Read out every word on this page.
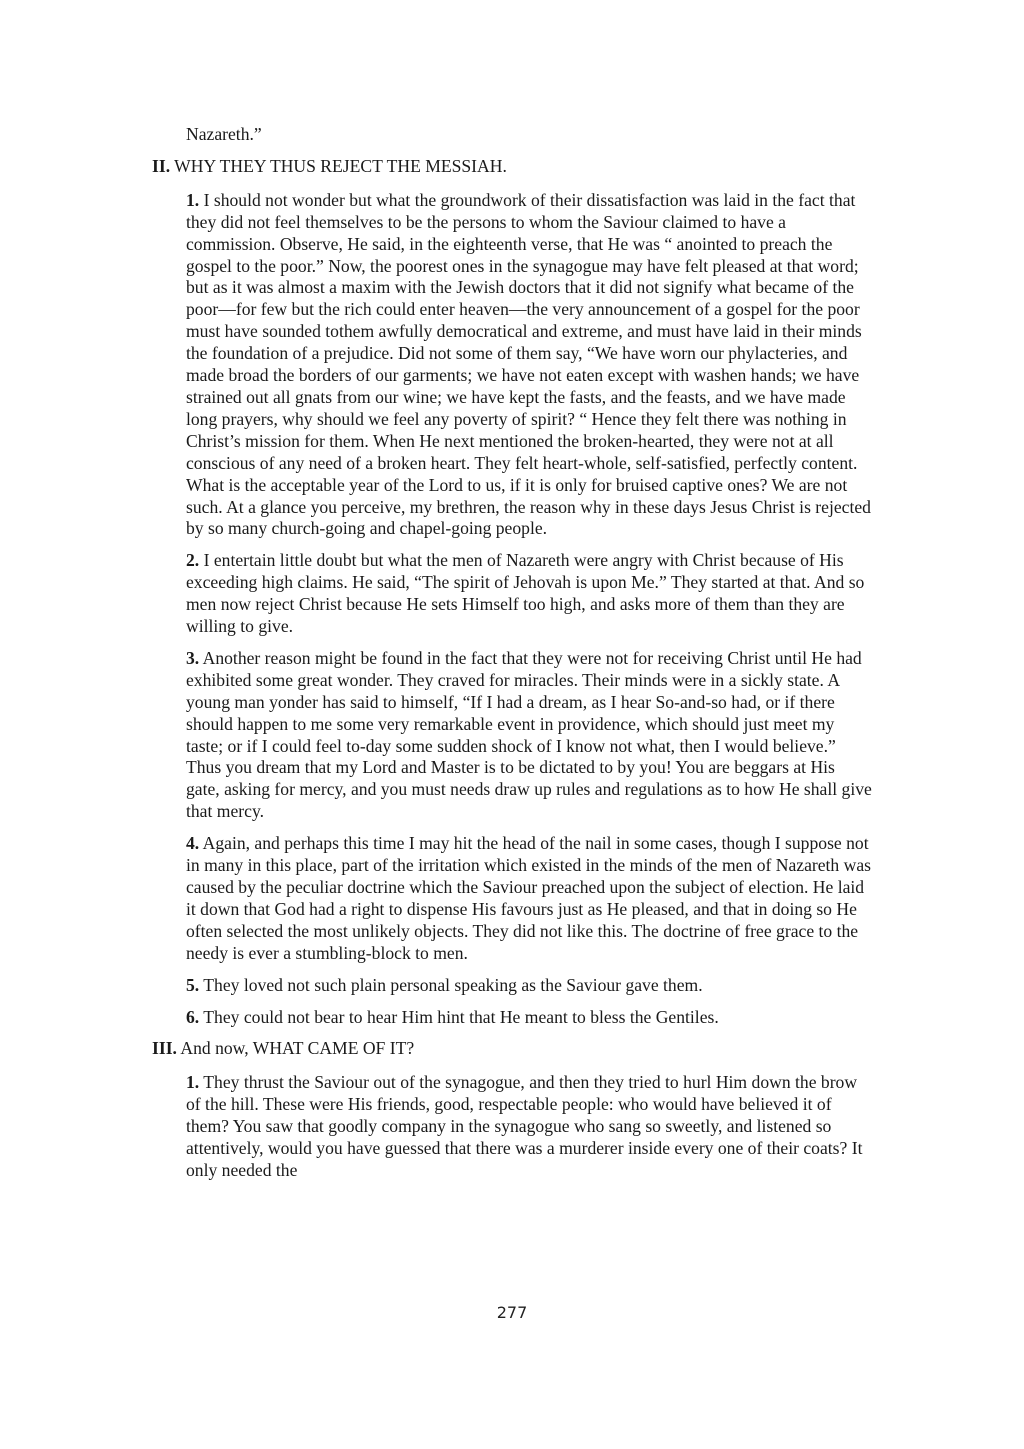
Nazareth.”

II. WHY THEY THUS REJECT THE MESSIAH.

1. I should not wonder but what the groundwork of their dissatisfaction was laid in the fact that they did not feel themselves to be the persons to whom the Saviour claimed to have a commission. Observe, He said, in the eighteenth verse, that He was “ anointed to preach the gospel to the poor.” Now, the poorest ones in the synagogue may have felt pleased at that word; but as it was almost a maxim with the Jewish doctors that it did not signify what became of the poor—for few but the rich could enter heaven—the very announcement of a gospel for the poor must have sounded tothem awfully democratical and extreme, and must have laid in their minds the foundation of a prejudice. Did not some of them say, “We have worn our phylacteries, and made broad the borders of our garments; we have not eaten except with washen hands; we have strained out all gnats from our wine; we have kept the fasts, and the feasts, and we have made long prayers, why should we feel any poverty of spirit? “ Hence they felt there was nothing in Christ’s mission for them. When He next mentioned the broken-hearted, they were not at all conscious of any need of a broken heart. They felt heart-whole, self-satisfied, perfectly content. What is the acceptable year of the Lord to us, if it is only for bruised captive ones? We are not such. At a glance you perceive, my brethren, the reason why in these days Jesus Christ is rejected by so many church-going and chapel-going people.

2. I entertain little doubt but what the men of Nazareth were angry with Christ because of His exceeding high claims. He said, “The spirit of Jehovah is upon Me.” They started at that. And so men now reject Christ because He sets Himself too high, and asks more of them than they are willing to give.

3. Another reason might be found in the fact that they were not for receiving Christ until He had exhibited some great wonder. They craved for miracles. Their minds were in a sickly state. A young man yonder has said to himself, “If I had a dream, as I hear So-and-so had, or if there should happen to me some very remarkable event in providence, which should just meet my taste; or if I could feel to-day some sudden shock of I know not what, then I would believe.” Thus you dream that my Lord and Master is to be dictated to by you! You are beggars at His gate, asking for mercy, and you must needs draw up rules and regulations as to how He shall give that mercy.

4. Again, and perhaps this time I may hit the head of the nail in some cases, though I suppose not in many in this place, part of the irritation which existed in the minds of the men of Nazareth was caused by the peculiar doctrine which the Saviour preached upon the subject of election. He laid it down that God had a right to dispense His favours just as He pleased, and that in doing so He often selected the most unlikely objects. They did not like this. The doctrine of free grace to the needy is ever a stumbling-block to men.

5. They loved not such plain personal speaking as the Saviour gave them.

6. They could not bear to hear Him hint that He meant to bless the Gentiles.

III. And now, WHAT CAME OF IT?

1. They thrust the Saviour out of the synagogue, and then they tried to hurl Him down the brow of the hill. These were His friends, good, respectable people: who would have believed it of them? You saw that goodly company in the synagogue who sang so sweetly, and listened so attentively, would you have guessed that there was a murderer inside every one of their coats? It only needed the

277
